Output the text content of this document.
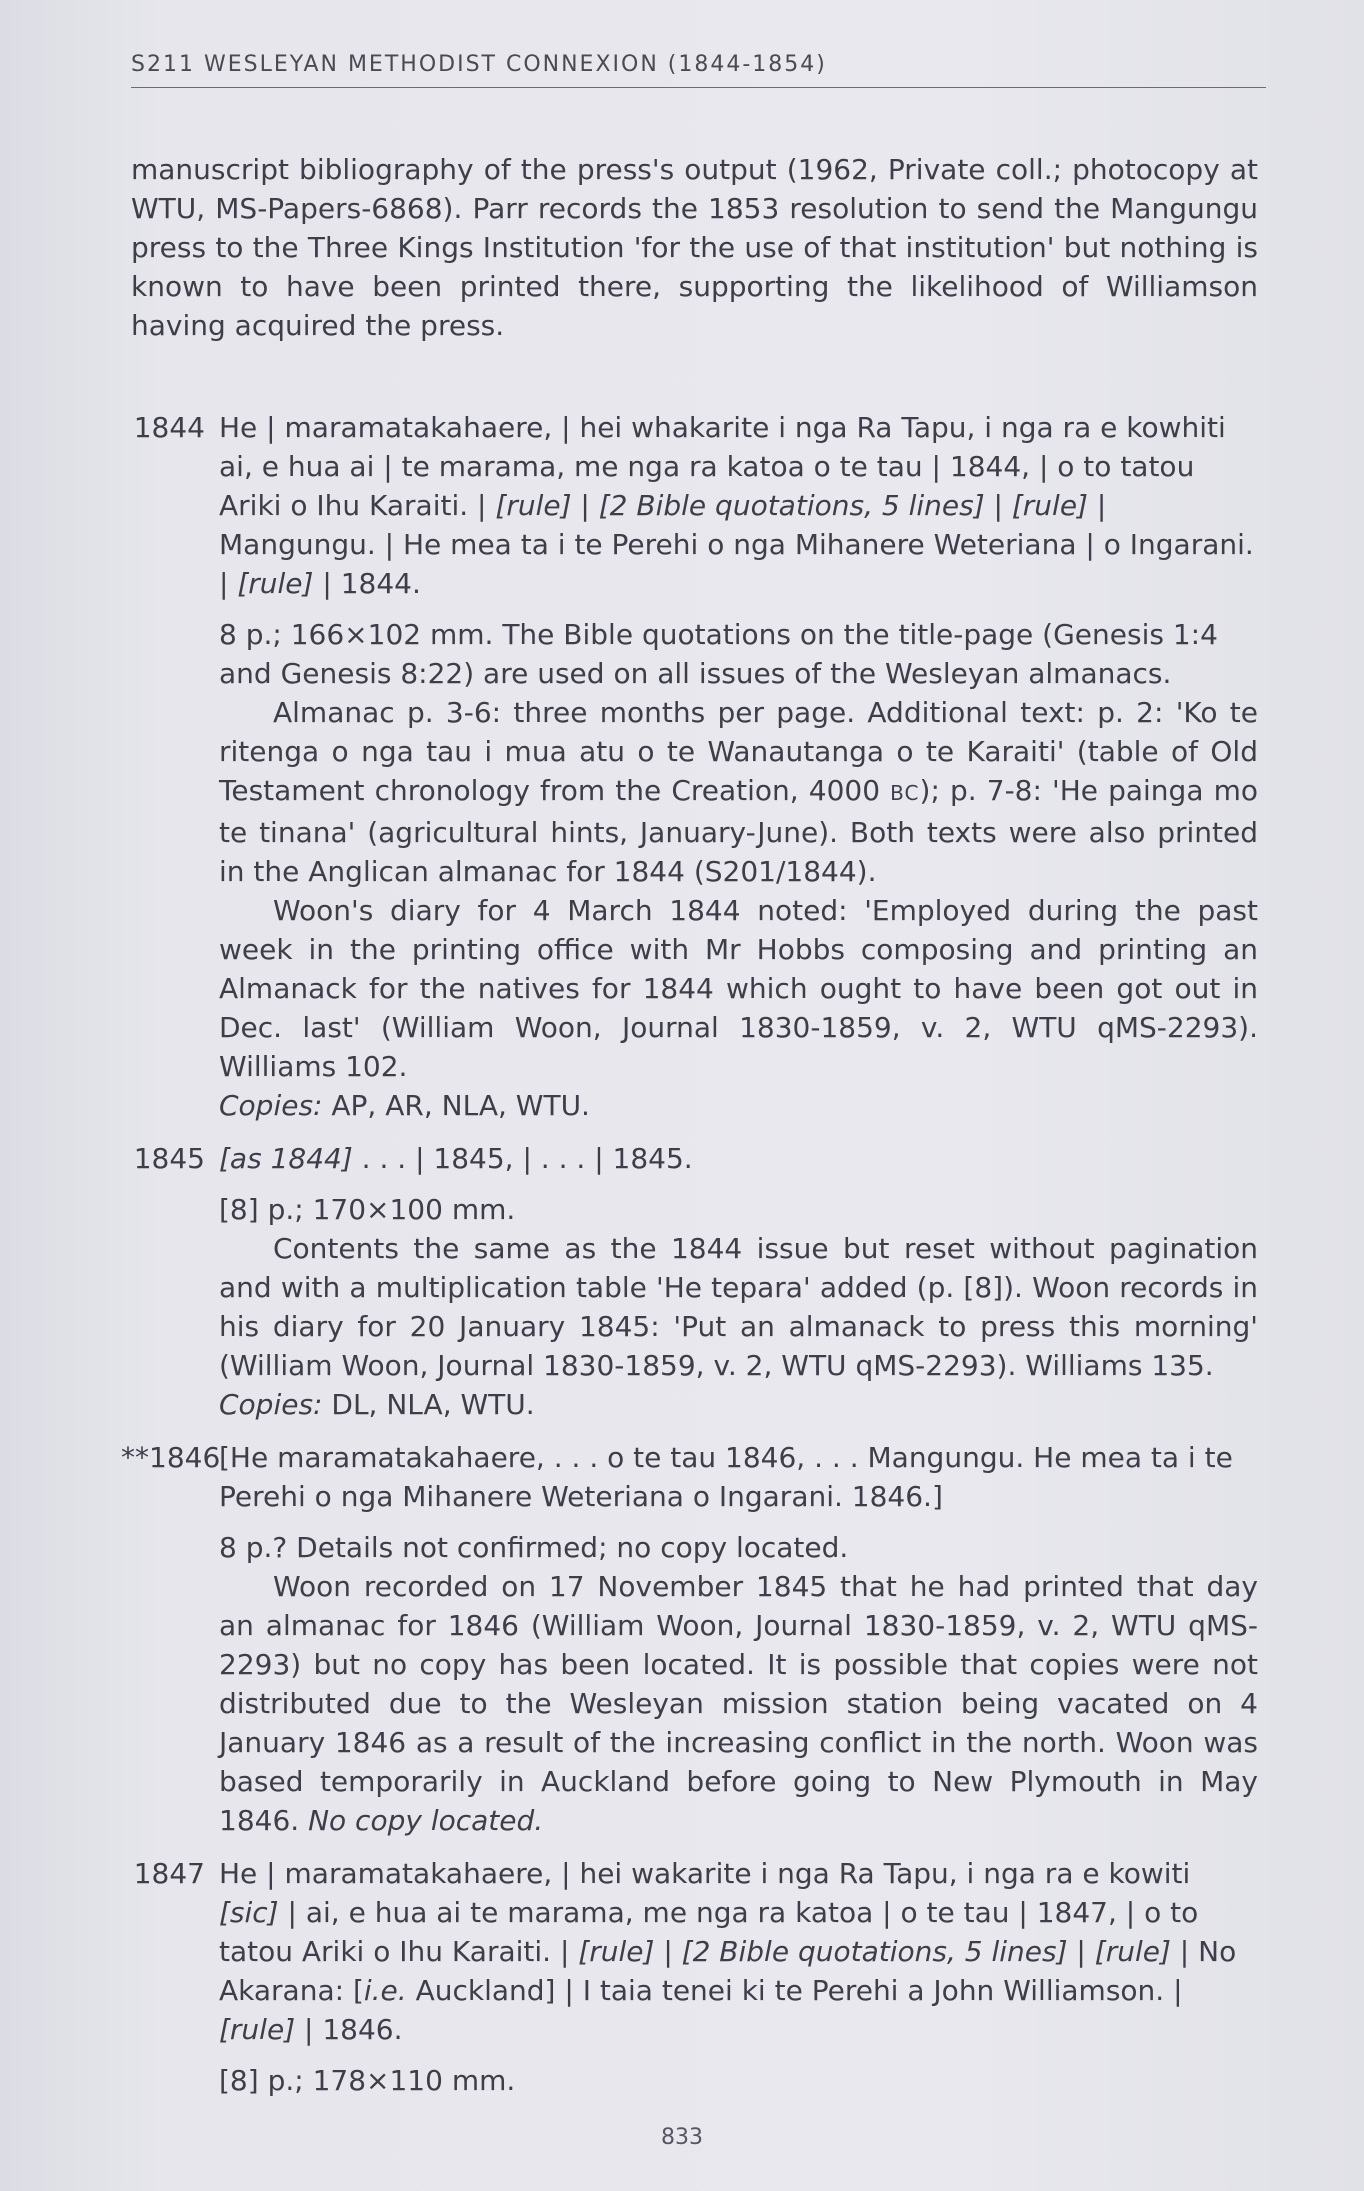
S211 WESLEYAN METHODIST CONNEXION (1844-1854)

manuscript bibliography of the press's output (1962, Private coll.; photocopy at WTU, MS-Papers-6868). Parr records the 1853 resolution to send the Mangungu press to the Three Kings Institution 'for the use of that institution' but nothing is known to have been printed there, supporting the likelihood of Williamson having acquired the press.

1844 He | maramatakahaere, | hei whakarite i nga Ra Tapu, i nga ra e kowhiti ai, e hua ai | te marama, me nga ra katoa o te tau | 1844, | o to tatou Ariki o Ihu Karaiti. | [rule] | [2 Bible quotations, 5 lines] | [rule] | Mangungu. | He mea ta i te Perehi o nga Mihanere Weteriana | o Ingarani. | [rule] | 1844.

8 p.; 166×102 mm. The Bible quotations on the title-page (Genesis 1:4 and Genesis 8:22) are used on all issues of the Wesleyan almanacs.

Almanac p. 3-6: three months per page. Additional text: p. 2: 'Ko te ritenga o nga tau i mua atu o te Wanautanga o te Karaiti' (table of Old Testament chronology from the Creation, 4000 BC); p. 7-8: 'He painga mo te tinana' (agricultural hints, January-June). Both texts were also printed in the Anglican almanac for 1844 (S201/1844).

Woon's diary for 4 March 1844 noted: 'Employed during the past week in the printing office with Mr Hobbs composing and printing an Almanack for the natives for 1844 which ought to have been got out in Dec. last' (William Woon, Journal 1830-1859, v. 2, WTU qMS-2293). Williams 102.

Copies: AP, AR, NLA, WTU.

1845 [as 1844] . . . | 1845, | . . . | 1845.

[8] p.; 170×100 mm.

Contents the same as the 1844 issue but reset without pagination and with a multiplication table 'He tepara' added (p. [8]). Woon records in his diary for 20 January 1845: 'Put an almanack to press this morning' (William Woon, Journal 1830-1859, v. 2, WTU qMS-2293). Williams 135.

Copies: DL, NLA, WTU.

**1846

[He maramatakahaere, . . . o te tau 1846, . . . Mangungu. He mea ta i te Perehi o nga Mihanere Weteriana o Ingarani. 1846.]

8 p.? Details not confirmed; no copy located.

Woon recorded on 17 November 1845 that he had printed that day an almanac for 1846 (William Woon, Journal 1830-1859, v. 2, WTU qMS-2293) but no copy has been located. It is possible that copies were not distributed due to the Wesleyan mission station being vacated on 4 January 1846 as a result of the increasing conflict in the north. Woon was based temporarily in Auckland before going to New Plymouth in May 1846. No copy located.

1847 He | maramatakahaere, | hei wakarite i nga Ra Tapu, i nga ra e kowiti [sic] | ai, e hua ai te marama, me nga ra katoa | o te tau | 1847, | o to tatou Ariki o Ihu Karaiti. | [rule] | [2 Bible quotations, 5 lines] | [rule] | No Akarana: [i.e. Auckland] | I taia tenei ki te Perehi a John Williamson. | [rule] | 1846.

[8] p.; 178×110 mm.

833
